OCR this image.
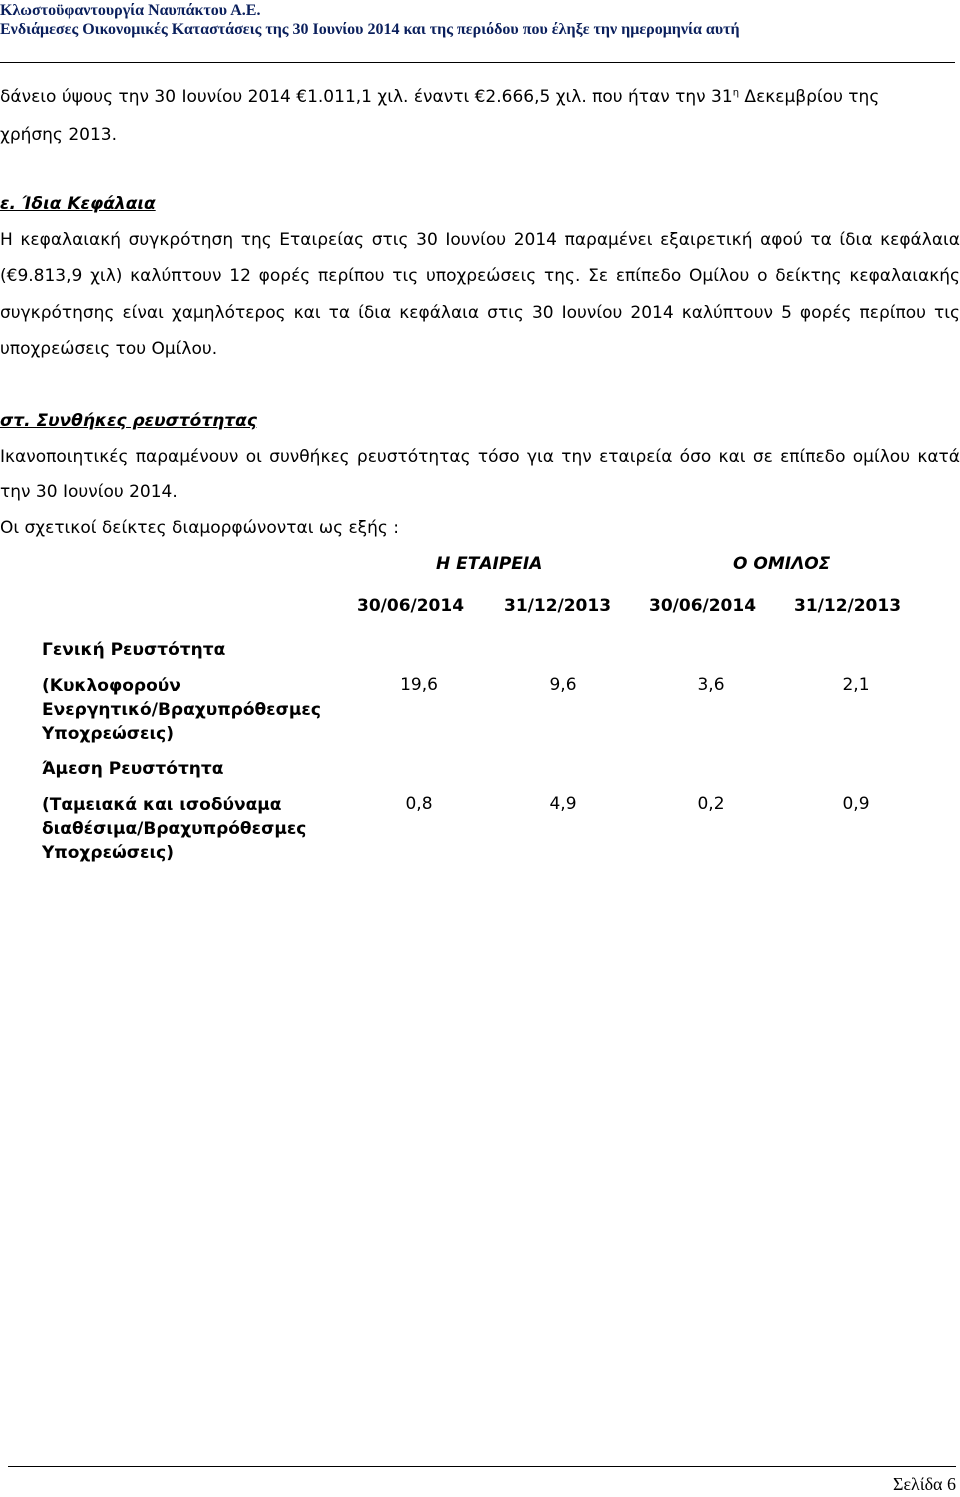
Κλωστοϋφαντουργία Ναυπάκτου Α.Ε.
Ενδιάμεσες Οικονομικές Καταστάσεις της 30 Ιουνίου 2014 και της περιόδου που έληξε την ημερομηνία αυτή
δάνειο ύψους την 30 Ιουνίου 2014 €1.011,1 χιλ. έναντι €2.666,5 χιλ. που ήταν την $31^\eta$ Δεκεμβρίου της
χρήσης 2013.
ε. Ίδια Κεφάλαια
Η κεφαλαιακή συγκρότηση της Εταιρείας στις 30 Ιουνίου 2014 παραμένει εξαιρετική αφού τα ίδια κεφάλαια
(€9.813,9 χιλ) καλύπτουν 12 φορές περίπου τις υποχρεώσεις της. Σε επίπεδο Ομίλου ο δείκτης κεφαλαιακής
συγκρότησης είναι χαμηλότερος και τα ίδια κεφάλαια στις 30 Ιουνίου 2014 καλύπτουν 5 φορές περίπου τις
υποχρεώσεις του Ομίλου.
στ. Συνθήκες ρευστότητας
Ικανοποιητικές παραμένουν οι συνθήκες ρευστότητας τόσο για την εταιρεία όσο και σε επίπεδο ομίλου κατά
την 30 Ιουνίου 2014.
Οι σχετικοί δείκτες διαμορφώνονται ως εξής :
Η ΕΤΑΙΡΕΙΑ	Ο ΟΜΙΛΟΣ
30/06/2014 31/12/2013 30/06/2014 31/12/2013
Γενική Ρευστότητα
(Κυκλοφορούν
Ενεργητικό/Βραχυπρόθεσμες
Υποχρεώσεις)
19,6	9,6	3,6	2,1
Άμεση Ρευστότητα
(Ταμειακά και ισοδύναμα
διαθέσιμα/Βραχυπρόθεσμες
Υποχρεώσεις)
0,8	4,9	0,2	0,9
Σελίδα 6
